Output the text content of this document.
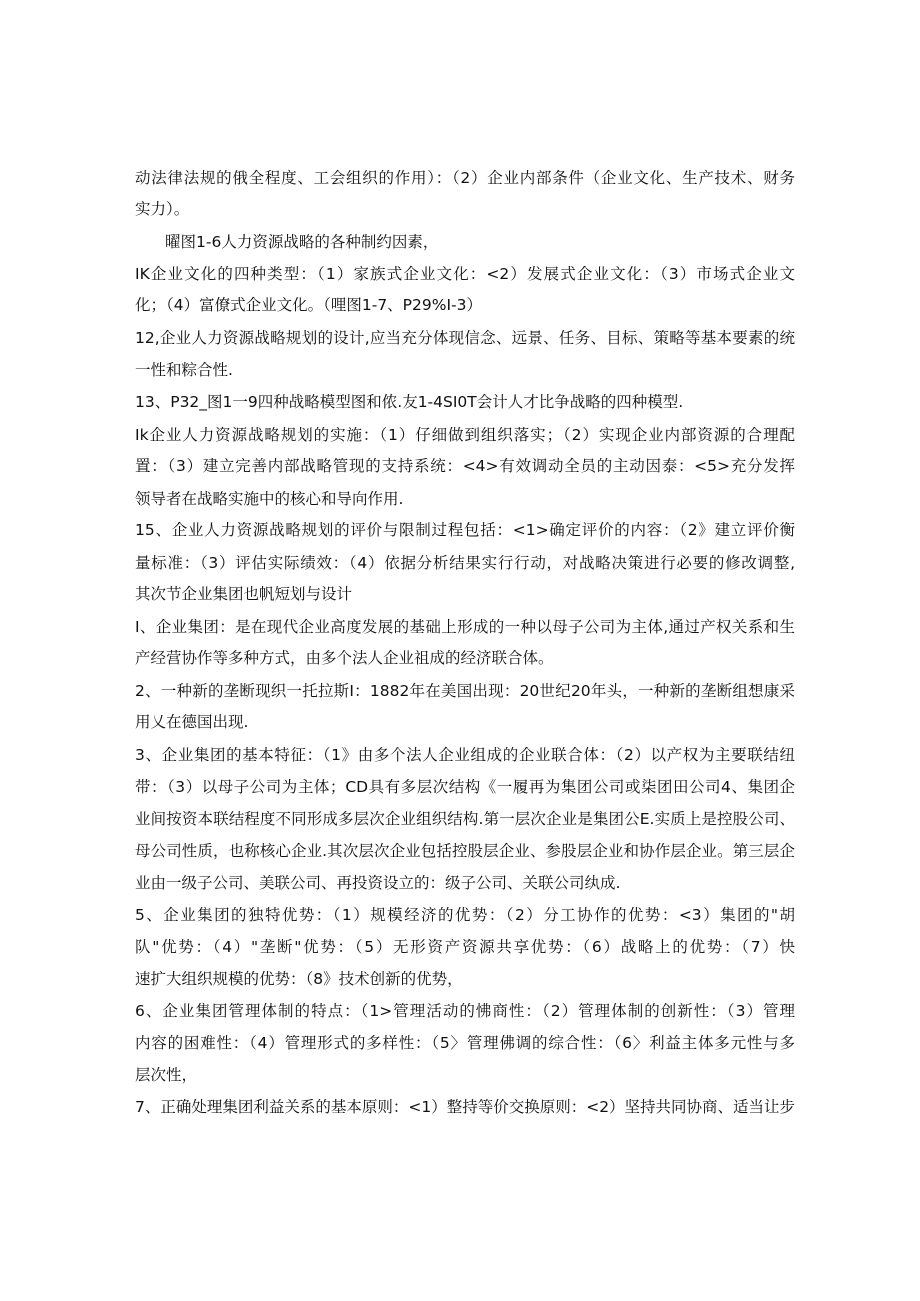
动法律法规的俄全程度、工会组织的作用）：（2）企业内部条件（企业文化、生产技术、财务
实力）。
曜图1-6人力资源战略的各种制约因素，
IK企业文化的四种类型：（1）家族式企业文化：<2）发展式企业文化：（3）市场式企业文
化；（4）富僚式企业文化。（哩图1-7、P29%I-3）
12,企业人力资源战略规划的设计,应当充分体现信念、远景、任务、目标、策略等基本要素的统
一性和粽合性.
13、P32_图1一9四种战略模型图和侬.友1-4SI0T会计人才比争战略的四种模型.
Ik企业人力资源战略规划的实施：（1）仔细做到组织落实；（2）实现企业内部资源的合理配
置：（3）建立完善内部战略管现的支持系统：<4>有效调动全员的主动因泰：<5>充分发挥
领导者在战略实施中的核心和导向作用.
15、企业人力资源战略规划的评价与限制过程包括：<1>确定评价的内容：（2》建立评价衡
量标准：（3）评估实际绩效：（4）依据分析结果实行行动，对战略决策进行必要的修改调整,
其次节企业集团也帆短划与设计
I、企业集团：是在现代企业高度发展的基础上形成的一种以母子公司为主体,通过产权关系和生
产经营协作等多种方式，由多个法人企业祖成的经济联合体。
2、一种新的垄断现织一托拉斯I：1882年在美国出现：20世纪20年头，一种新的垄断组想康采
用乂在德国出现.
3、企业集团的基本特征：（1》由多个法人企业组成的企业联合体：（2）以产权为主要联结纽
带：（3）以母子公司为主体；CD具有多层次结构《一履再为集团公司或柒团田公司4、集团企
业间按资本联结程度不同形成多层次企业组织结构.第一层次企业是集团公E.实质上是控股公司、
母公司性质，也称核心企业.其次层次企业包括控股层企业、参股层企业和协作层企业。第三层企
业由一级子公司、美联公司、再投资设立的：级子公司、关联公司纨成.
5、企业集团的独特优势：（1）规模经济的优势：（2）分工协作的优势：<3）集团的"胡
队"优势：（4）"垄断"优势：（5）无形资产资源共享优势：（6）战略上的优势：（7）快
速扩大组织规模的优势：（8》技术创新的优势，
6、企业集团管理体制的特点：（1>管理活动的怫商性：（2）管理体制的创新性：（3）管理
内容的困难性：（4）管理形式的多样性：（5〉管理佛调的综合性：（6〉利益主体多元性与多
层次性，
7、正确处理集团利益关系的基本原则：<1）整持等价交换原则：<2）坚持共同协商、适当让步
